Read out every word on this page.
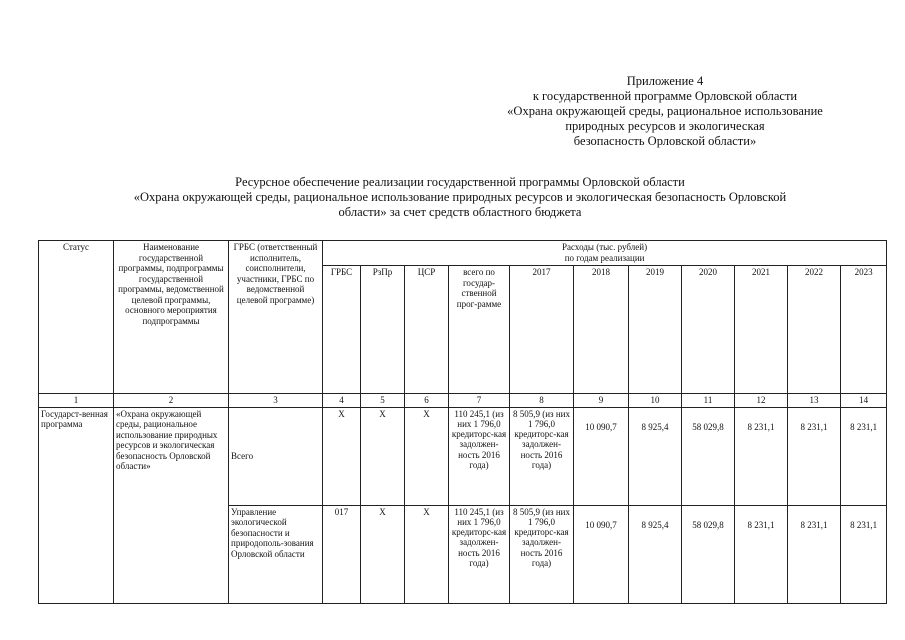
Приложение 4
к государственной программе Орловской области
«Охрана окружающей среды, рациональное использование
природных ресурсов и экологическая
безопасность Орловской области»
Ресурсное обеспечение реализации государственной программы Орловской области
«Охрана окружающей среды, рациональное использование природных ресурсов и экологическая безопасность Орловской
области» за счет средств областного бюджета
Статус	Наименование государственной программы, подпрограммы государственной программы, ведомственной целевой программы, основного мероприятия подпрограммы	ГРБС (ответственный исполнитель, соисполнители, участники, ГРБС по ведомственной целевой программе)	Расходы (тыс. рублей)
по годам реализации										

			ГРБС	РзПр	ЦСР	всего по государ-ственной прог-рамме	2017	2018	2019	2020	2021	2022	2023
1	2	3	4	5	6	7	8	9	10	11	12	13	14
Государст-венная программа	«Охрана окружающей среды, рациональное использование природных ресурсов и экологическая безопасность Орловской области»	Всего	Х	Х	Х	110 245,1 (из них 1 796,0 кредиторс-кая задолжен-ность 2016 года)	8 505,9 (из них 1 796,0 кредиторс-кая задолжен-ность 2016 года)	10 090,7	8 925,4	58 029,8	8 231,1	8 231,1	8 231,1
		Управление экологической безопасности и природополь-зования Орловской области	017	Х	Х	110 245,1 (из них 1 796,0 кредиторс-кая задолжен-ность 2016 года)	8 505,9 (из них 1 796,0 кредиторс-кая задолжен-ность 2016 года)	10 090,7	8 925,4	58 029,8	8 231,1	8 231,1	8 231,1
